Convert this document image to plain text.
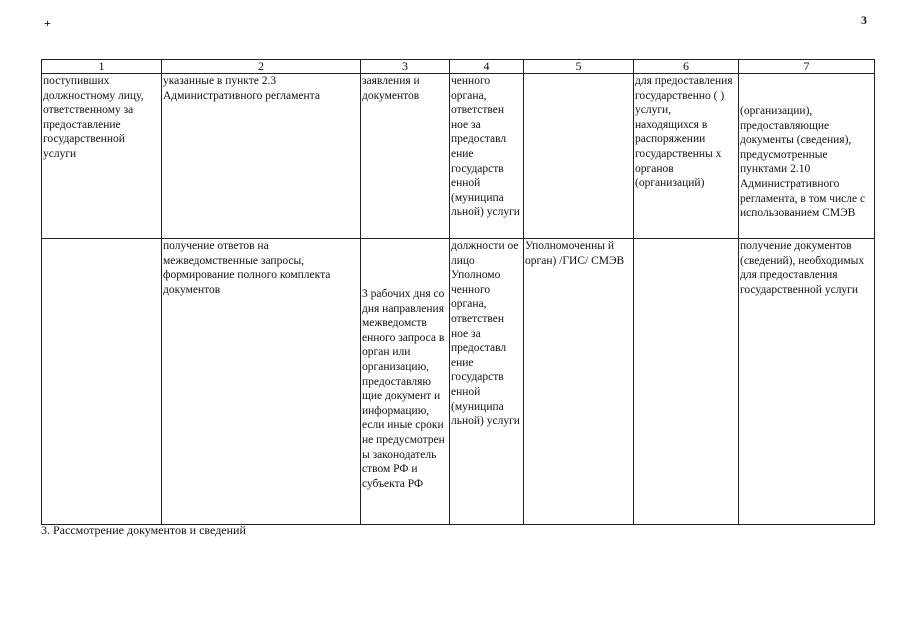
+	3
1	2	3	4	5	6	7
поступивших должностному лицу, ответственному за предоставление государственной услуги	указанные в пункте 2.3 Административного регламента	заявления и документов	ченного органа, ответствен ное за предоставл ение государств енной (муниципа льной) услуги		для предоставления государственно ( ) услуги, находящихся в распоряжении государственны х органов (организаций)	(организации), предоставляющие документы (сведения), предусмотренные пунктами 2.10 Административного регламента, в том числе с использованием СМЭВ
	получение ответов на межведомственные запросы, формирование полного комплекта документов	3 рабочих дня со дня направления межведомств енного запроса в орган или организацию, предоставляю щие документ и информацию, если иные сроки не предусмотрен ы законодатель ством РФ и субъекта РФ	должности ое лицо Уполномо ченного органа, ответствен ное за предоставл ение государств енной (муниципа льной) услуги	Уполномоченны й орган) /ГИС/ СМЭВ		получение документов (сведений), необходимых для предоставления государственной услуги
3. Рассмотрение документов и сведений
